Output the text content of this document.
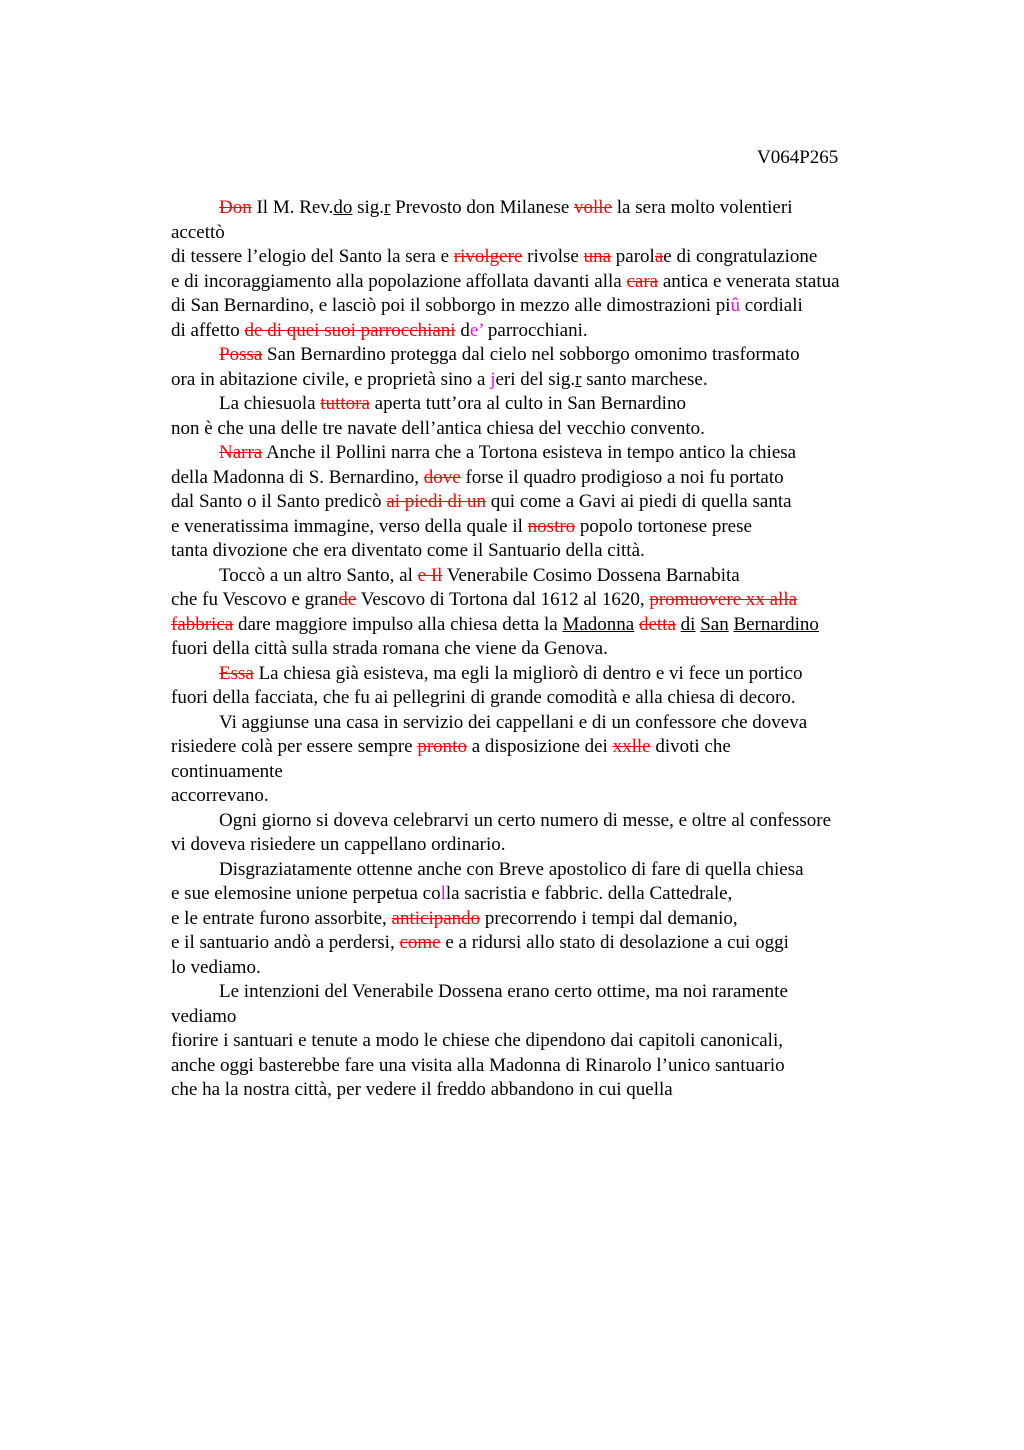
V064P265
Don Il M. Rev.do sig.r Prevosto don Milanese volle la sera molto volentieri
accettò
di tessere l’elogio del Santo la sera e rivolgere rivolse una parolae di congratulazione
e di incoraggiamento alla popolazione affollata davanti alla cara antica e venerata statua
di San Bernardino, e lasciò poi il sobborgo in mezzo alle dimostrazioni piû cordiali
di affetto de di quei suoi parrocchiani de’ parrocchiani.
Possa San Bernardino protegga dal cielo nel sobborgo omonimo trasformato
ora in abitazione civile, e proprietà sino a jeri del sig.r santo marchese.
La chiesuola tuttora aperta tutt’ora al culto in San Bernardino
non è che una delle tre navate dell’antica chiesa del vecchio convento.
Narra Anche il Pollini narra che a Tortona esisteva in tempo antico la chiesa
della Madonna di S. Bernardino, dove forse il quadro prodigioso a noi fu portato
dal Santo o il Santo predicò ai piedi di un qui come a Gavi ai piedi di quella santa
e veneratissima immagine, verso della quale il nostro popolo tortonese prese
tanta divozione che era diventato come il Santuario della città.
Toccò a un altro Santo, al e Il Venerabile Cosimo Dossena Barnabita
che fu Vescovo e grande Vescovo di Tortona dal 1612 al 1620, promuovere xx alla
fabbrica dare maggiore impulso alla chiesa detta la Madonna detta di San Bernardino
fuori della città sulla strada romana che viene da Genova.
Essa La chiesa già esisteva, ma egli la migliorò di dentro e vi fece un portico
fuori della facciata, che fu ai pellegrini di grande comodità e alla chiesa di decoro.
Vi aggiunse una casa in servizio dei cappellani e di un confessore che doveva
risiedere colà per essere sempre pronto a disposizione dei xxlle divoti che
continuamente
accorrevano.
Ogni giorno si doveva celebrarvi un certo numero di messe, e oltre al confessore
vi doveva risiedere un cappellano ordinario.
Disgraziatamente ottenne anche con Breve apostolico di fare di quella chiesa
e sue elemosine unione perpetua colla sacristia e fabbric. della Cattedrale,
e le entrate furono assorbite, anticipando precorrendo i tempi dal demanio,
e il santuario andò a perdersi, come e a ridursi allo stato di desolazione a cui oggi
lo vediamo.
Le intenzioni del Venerabile Dossena erano certo ottime, ma noi raramente
vediamo
fiorire i santuari e tenute a modo le chiese che dipendono dai capitoli canonicali,
anche oggi basterebbe fare una visita alla Madonna di Rinarolo l’unico santuario
che ha la nostra città, per vedere il freddo abbandono in cui quella
